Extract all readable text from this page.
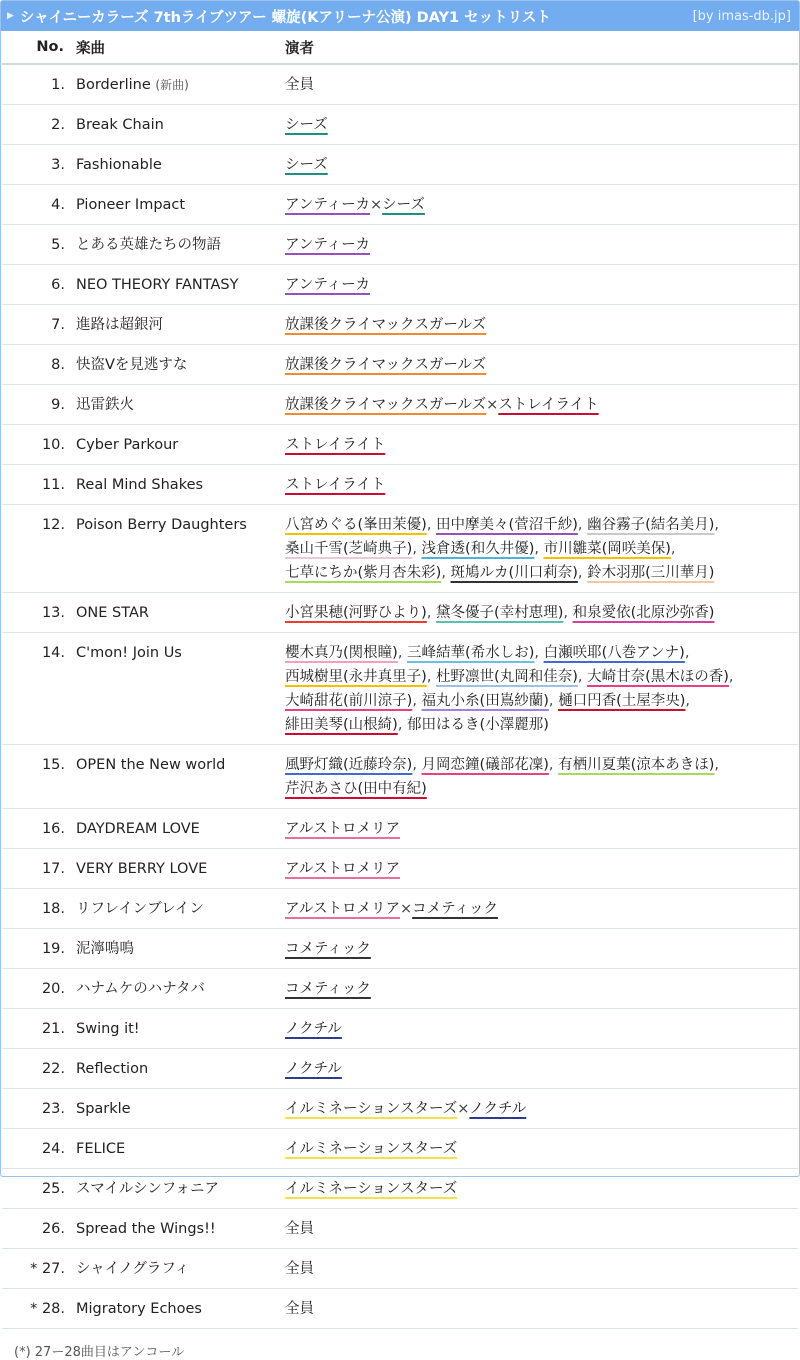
▶ シャイニーカラーズ 7thライブツアー 螺旋(Kアリーナ公演) DAY1 セットリスト	[by imas-db.jp]
No.	楽曲	演者
1.	Borderline (新曲)	全員
2.	Break Chain	シーズ
3.	Fashionable	シーズ
4.	Pioneer Impact	アンティーカ×シーズ
5.	とある英雄たちの物語	アンティーカ
6.	NEO THEORY FANTASY	アンティーカ
7.	進路は超銀河	放課後クライマックスガールズ
8.	快盗Vを見逃すな	放課後クライマックスガールズ
9.	迅雷鉄火	放課後クライマックスガールズ×ストレイライト
10.	Cyber Parkour	ストレイライト
11.	Real Mind Shakes	ストレイライト
12.	Poison Berry Daughters	八宮めぐる(峯田茉優), 田中摩美々(菅沼千紗), 幽谷霧子(結名美月),
桑山千雪(芝崎典子), 浅倉透(和久井優), 市川雛菜(岡咲美保),
七草にちか(紫月杏朱彩), 斑鳩ルカ(川口莉奈), 鈴木羽那(三川華月)
13.	ONE STAR	小宮果穂(河野ひより), 黛冬優子(幸村恵理), 和泉愛依(北原沙弥香)
14.	C'mon! Join Us	櫻木真乃(関根瞳), 三峰結華(希水しお), 白瀬咲耶(八巻アンナ),
西城樹里(永井真里子), 杜野凛世(丸岡和佳奈), 大崎甘奈(黒木ほの香),
大崎甜花(前川涼子), 福丸小糸(田嶌紗蘭), 樋口円香(土屋李央),
緋田美琴(山根綺), 郁田はるき(小澤麗那)
15.	OPEN the New world	風野灯織(近藤玲奈), 月岡恋鐘(礒部花凜), 有栖川夏葉(涼本あきほ),
芹沢あさひ(田中有紀)
16.	DAYDREAM LOVE	アルストロメリア
17.	VERY BERRY LOVE	アルストロメリア
18.	リフレインブレイン	アルストロメリア×コメティック
19.	泥濘鳴鳴	コメティック
20.	ハナムケのハナタバ	コメティック
21.	Swing it!	ノクチル
22.	Reflection	ノクチル
23.	Sparkle	イルミネーションスターズ×ノクチル
24.	FELICE	イルミネーションスターズ
25.	スマイルシンフォニア	イルミネーションスターズ
26.	Spread the Wings!!	全員
* 27.	シャイノグラフィ	全員
* 28.	Migratory Echoes	全員
(*) 27ー28曲目はアンコール
